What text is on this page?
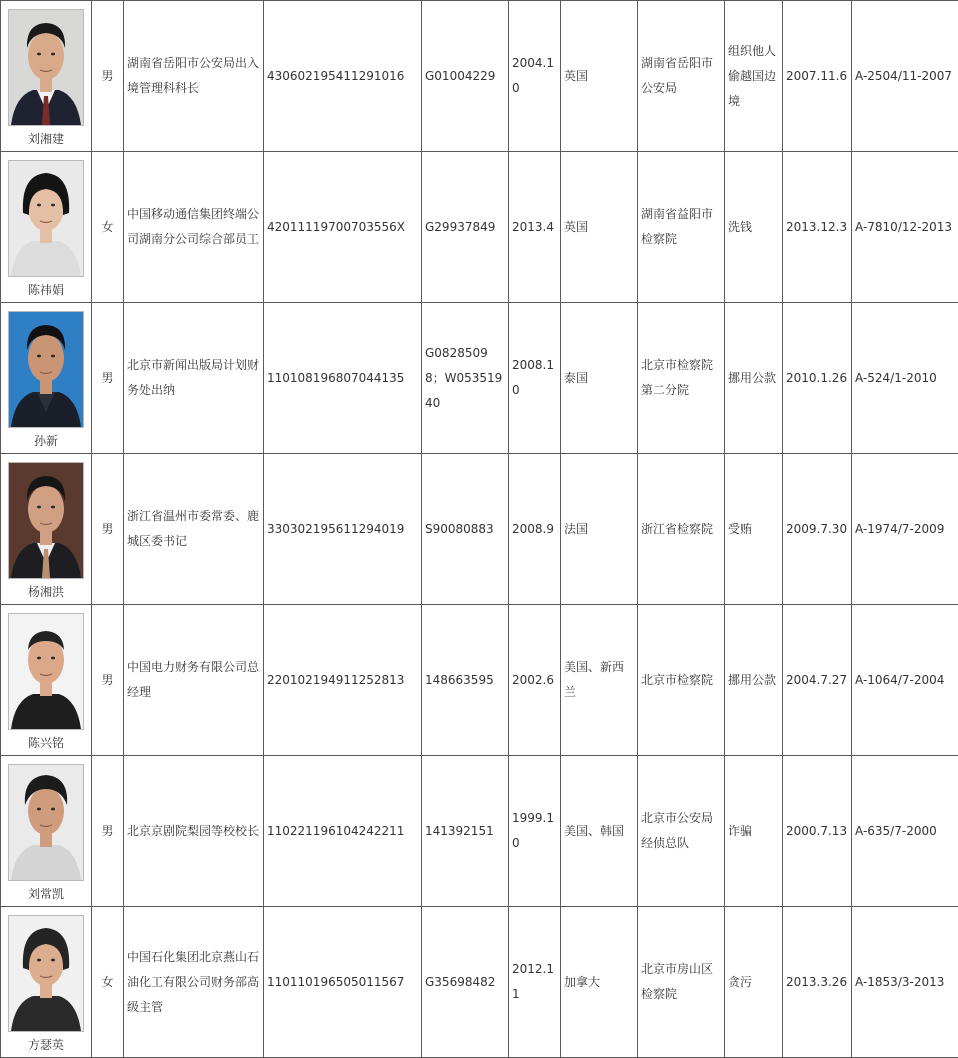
刘湘建	男	湖南省岳阳市公安局出入境管理科科长	430602195411291016	G01004229	2004.10	英国	湖南省岳阳市公安局	组织他人偷越国边境	2007.11.6	A-2504/11-2007

陈祎娟	女	中国移动通信集团终端公司湖南分公司综合部员工	42011119700703556X	G29937849	2013.4	英国	湖南省益阳市检察院	洗钱	2013.12.3	A-7810/12-2013

孙新	男	北京市新闻出版局计划财务处出纳	110108196807044135	G08285098；W05351940	2008.10	泰国	北京市检察院第二分院	挪用公款	2010.1.26	A-524/1-2010

杨湘洪	男	浙江省温州市委常委、鹿城区委书记	330302195611294019	S90080883	2008.9	法国	浙江省检察院	受贿	2009.7.30	A-1974/7-2009

陈兴铭	男	中国电力财务有限公司总经理	220102194911252813	148663595	2002.6	美国、新西兰	北京市检察院	挪用公款	2004.7.27	A-1064/7-2004

刘常凯	男	北京京剧院梨园等校校长	110221196104242211	141392151	1999.10	美国、韩国	北京市公安局经侦总队	诈骗	2000.7.13	A-635/7-2000

方瑟英	女	中国石化集团北京燕山石油化工有限公司财务部高级主管	110110196505011567	G35698482	2012.11	加拿大	北京市房山区检察院	贪污	2013.3.26	A-1853/3-2013
